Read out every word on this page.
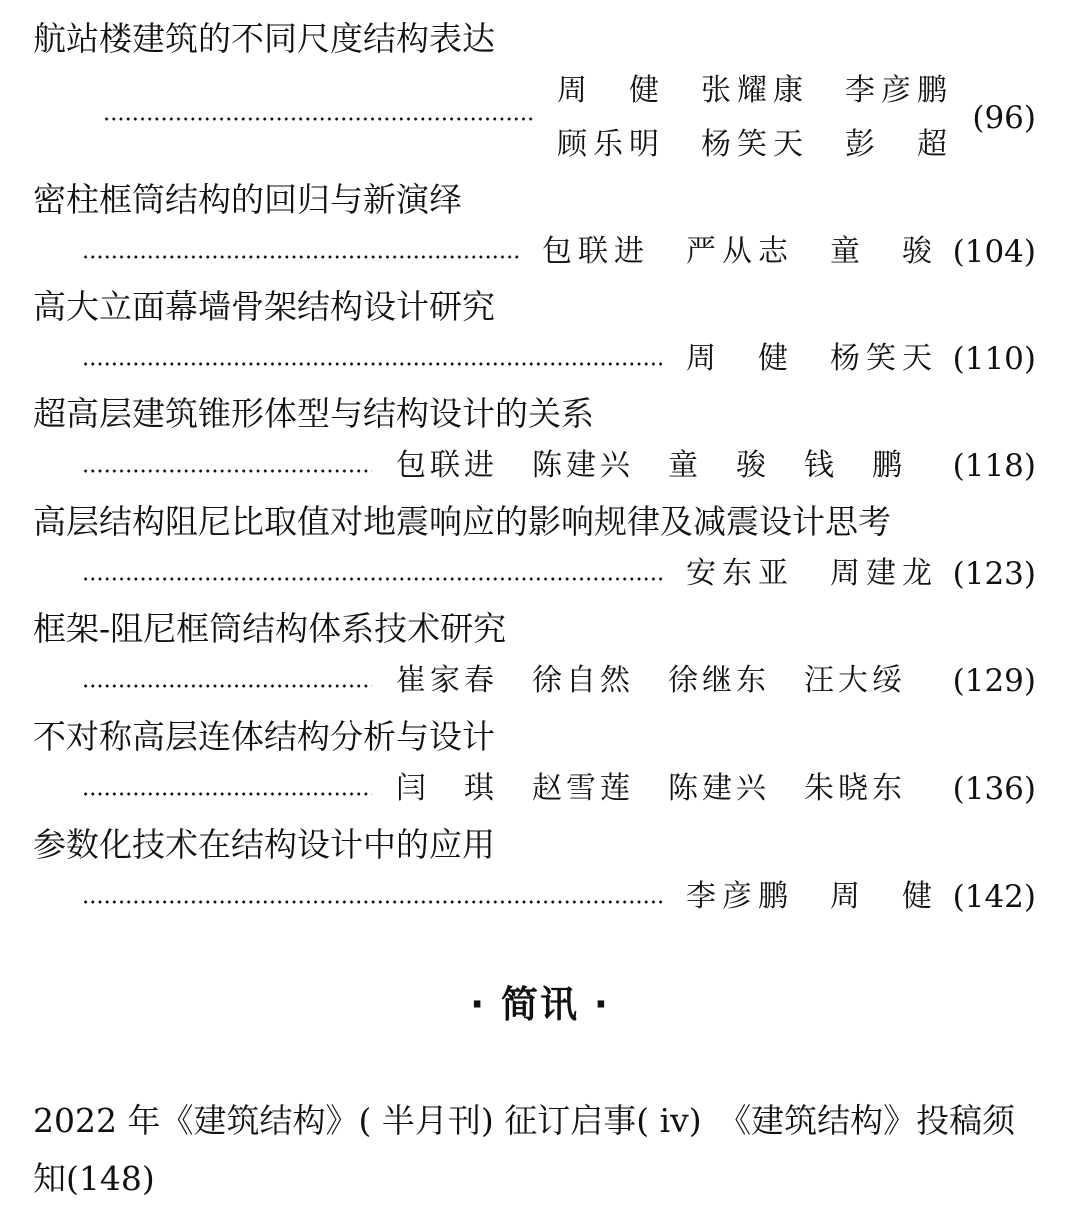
航站楼建筑的不同尺度结构表达
周　健　张耀康　李彦鹏
顾乐明　杨笑天　彭　超
(96)
密柱框筒结构的回归与新演绎
包联进　严从志　童　骏 (104)
高大立面幕墙骨架结构设计研究
周　健　杨笑天 (110)
超高层建筑锥形体型与结构设计的关系
包联进　陈建兴　童　骏　钱　鹏 (118)
高层结构阻尼比取值对地震响应的影响规律及减震设计思考
安东亚　周建龙 (123)
框架-阻尼框筒结构体系技术研究
崔家春　徐自然　徐继东　汪大绥 (129)
不对称高层连体结构分析与设计
闫　琪　赵雪莲　陈建兴　朱晓东 (136)
参数化技术在结构设计中的应用
李彦鹏　周　健 (142)
· 简讯 ·
2022 年《建筑结构》( 半月刊) 征订启事( iv)　《建筑结构》投稿须知(148)
